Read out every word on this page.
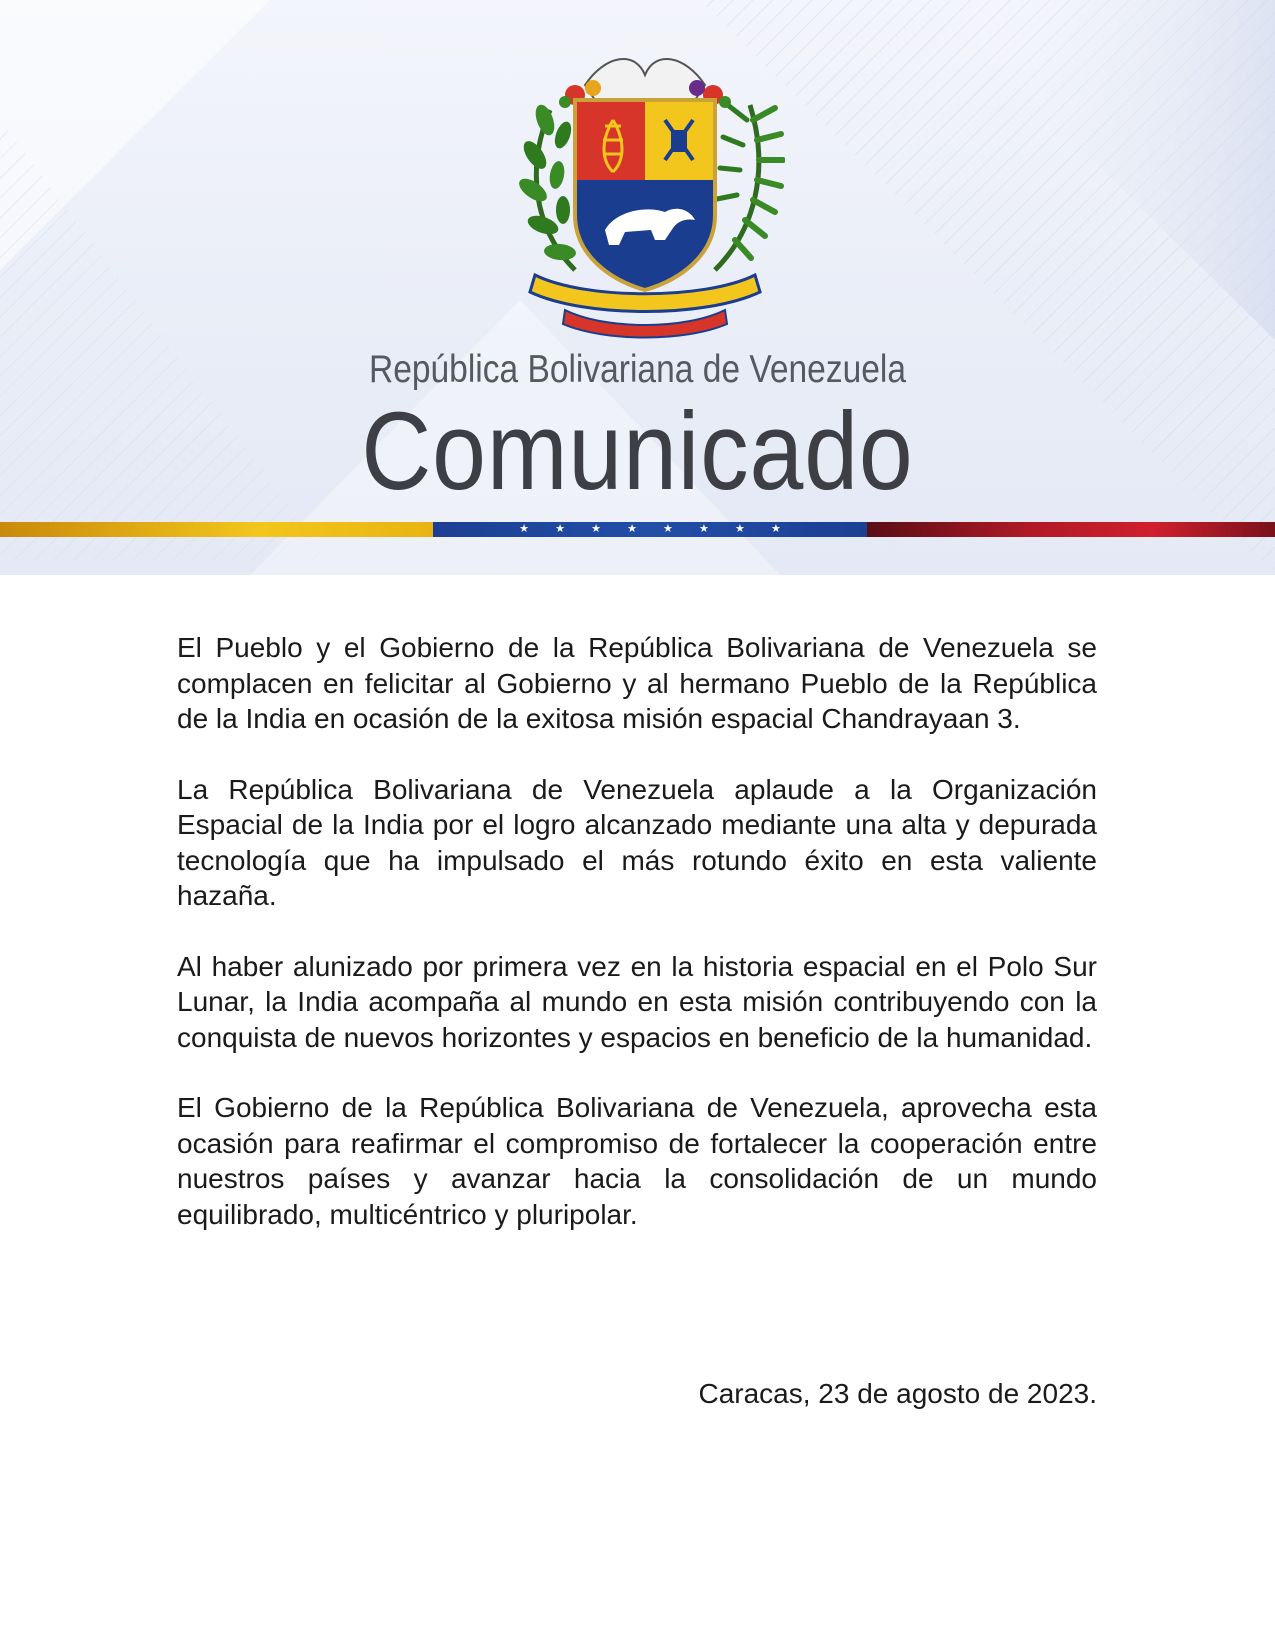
República Bolivariana de Venezuela
Comunicado
★ ★ ★ ★ ★ ★ ★ ★

El Pueblo y el Gobierno de la República Bolivariana de Venezuela se complacen en felicitar al Gobierno y al hermano Pueblo de la República de la India en ocasión de la exitosa misión espacial Chandrayaan 3.

La República Bolivariana de Venezuela aplaude a la Organización Espacial de la India por el logro alcanzado mediante una alta y depurada tecnología que ha impulsado el más rotundo éxito en esta valiente hazaña.

Al haber alunizado por primera vez en la historia espacial en el Polo Sur Lunar, la India acompaña al mundo en esta misión contribuyendo con la conquista de nuevos horizontes y espacios en beneficio de la humanidad.

El Gobierno de la República Bolivariana de Venezuela, aprovecha esta ocasión para reafirmar el compromiso de fortalecer la cooperación entre nuestros países y avanzar hacia la consolidación de un mundo equilibrado, multicéntrico y pluripolar.

Caracas, 23 de agosto de 2023.
